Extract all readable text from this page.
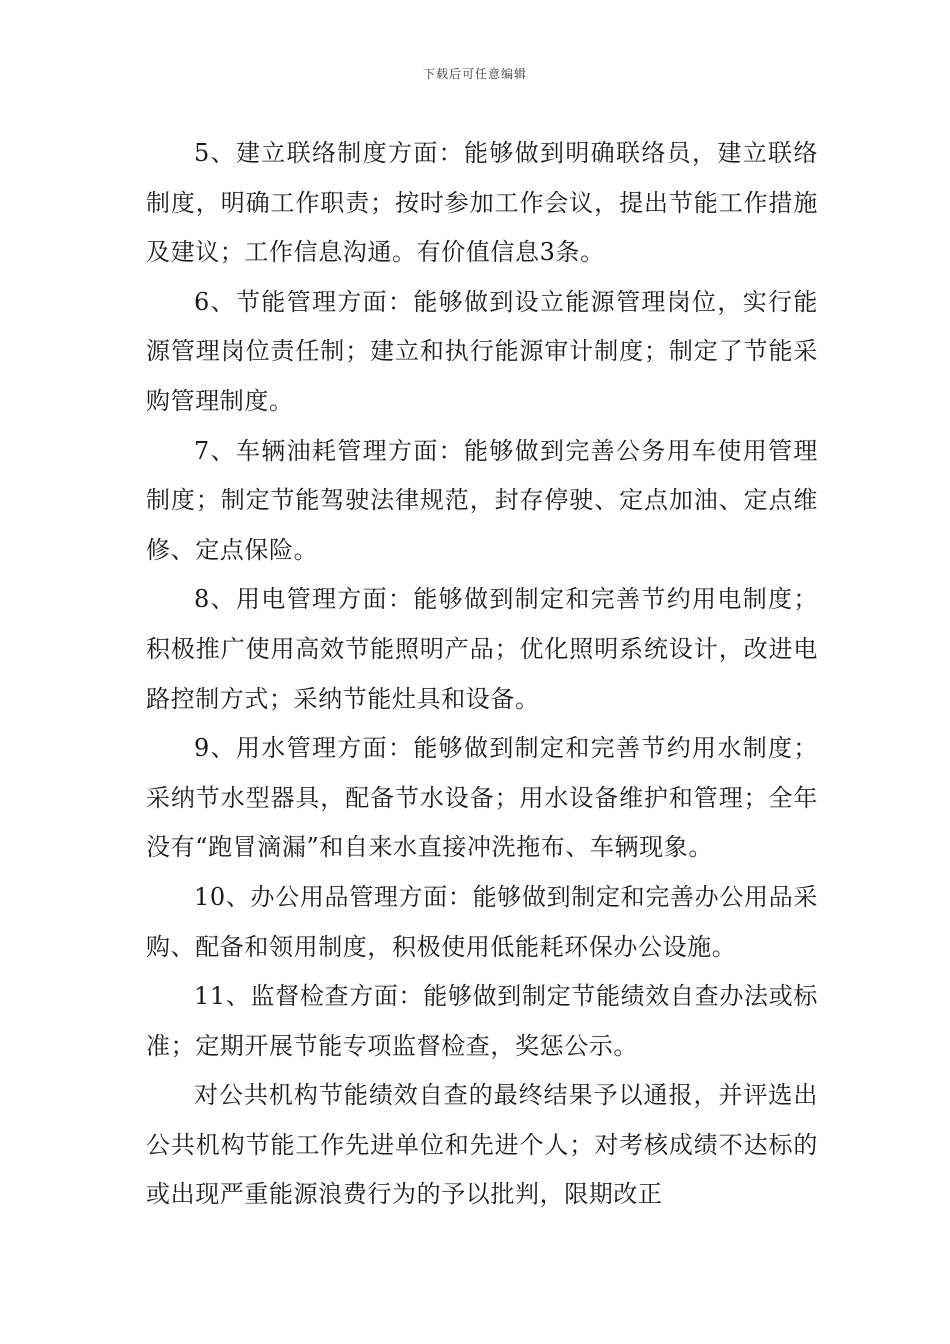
下载后可任意编辑

5、建立联络制度方面：能够做到明确联络员，建立联络制度，明确工作职责；按时参加工作会议，提出节能工作措施及建议；工作信息沟通。有价值信息3条。

6、节能管理方面：能够做到设立能源管理岗位，实行能源管理岗位责任制；建立和执行能源审计制度；制定了节能采购管理制度。

7、车辆油耗管理方面：能够做到完善公务用车使用管理制度；制定节能驾驶法律规范，封存停驶、定点加油、定点维修、定点保险。

8、用电管理方面：能够做到制定和完善节约用电制度；积极推广使用高效节能照明产品；优化照明系统设计，改进电路控制方式；采纳节能灶具和设备。

9、用水管理方面：能够做到制定和完善节约用水制度；采纳节水型器具，配备节水设备；用水设备维护和管理；全年没有“跑冒滴漏”和自来水直接冲洗拖布、车辆现象。

10、办公用品管理方面：能够做到制定和完善办公用品采购、配备和领用制度，积极使用低能耗环保办公设施。

11、监督检查方面：能够做到制定节能绩效自查办法或标准；定期开展节能专项监督检查，奖惩公示。

对公共机构节能绩效自查的最终结果予以通报，并评选出公共机构节能工作先进单位和先进个人；对考核成绩不达标的或出现严重能源浪费行为的予以批判，限期改正
